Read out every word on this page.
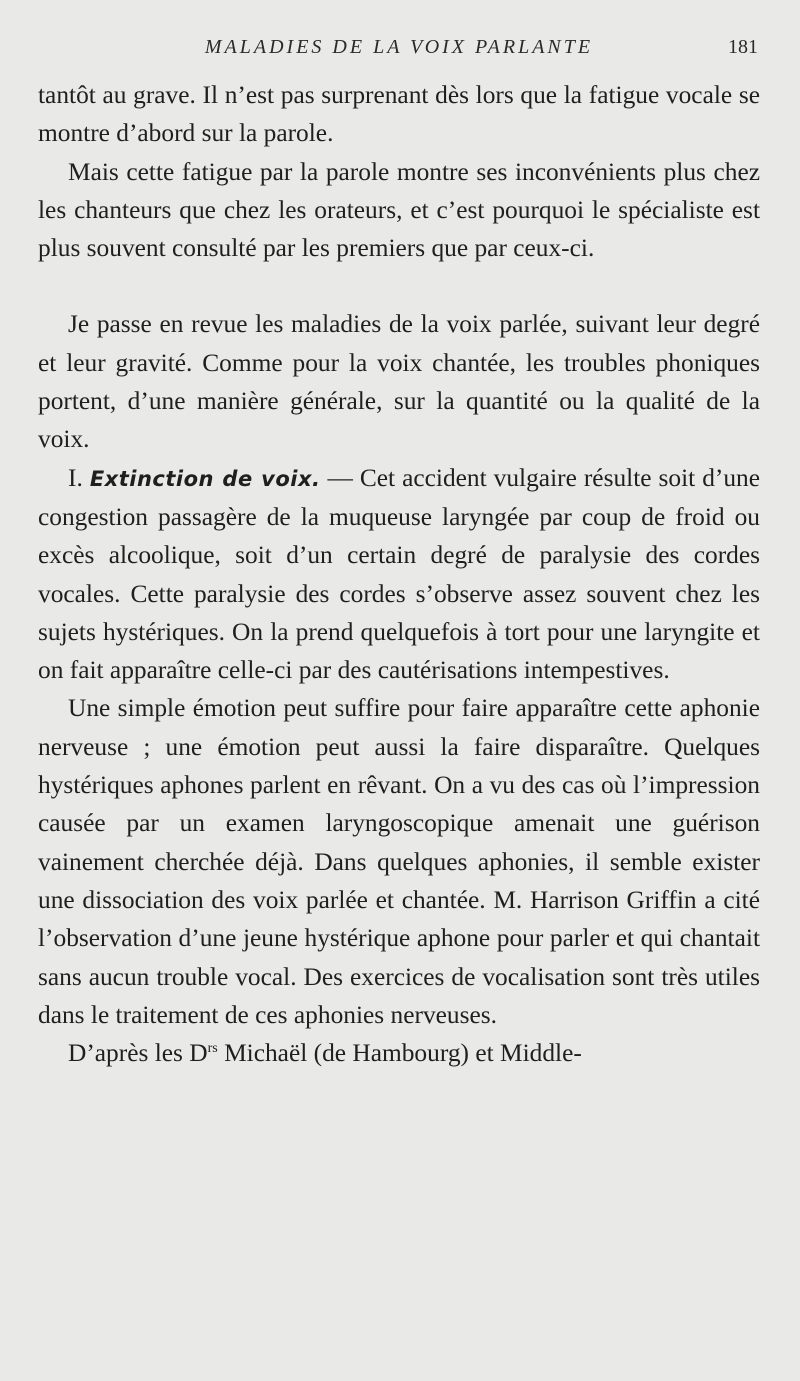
MALADIES DE LA VOIX PARLANTE	181

tantôt au grave. Il n’est pas surprenant dès lors que la fatigue vocale se montre d’abord sur la parole.

Mais cette fatigue par la parole montre ses inconvénients plus chez les chanteurs que chez les orateurs, et c’est pourquoi le spécialiste est plus souvent consulté par les premiers que par ceux-ci.

Je passe en revue les maladies de la voix parlée, suivant leur degré et leur gravité. Comme pour la voix chantée, les troubles phoniques portent, d’une manière générale, sur la quantité ou la qualité de la voix.

I. Extinction de voix. — Cet accident vulgaire résulte soit d’une congestion passagère de la muqueuse laryngée par coup de froid ou excès alcoolique, soit d’un certain degré de paralysie des cordes vocales. Cette paralysie des cordes s’observe assez souvent chez les sujets hystériques. On la prend quelquefois à tort pour une laryngite et on fait apparaître celle-ci par des cautérisations intempestives.

Une simple émotion peut suffire pour faire apparaître cette aphonie nerveuse ; une émotion peut aussi la faire disparaître. Quelques hystériques aphones parlent en rêvant. On a vu des cas où l’impression causée par un examen laryngoscopique amenait une guérison vainement cherchée déjà. Dans quelques aphonies, il semble exister une dissociation des voix parlée et chantée. M. Harrison Griffin a cité l’observation d’une jeune hystérique aphone pour parler et qui chantait sans aucun trouble vocal. Des exercices de vocalisation sont très utiles dans le traitement de ces aphonies nerveuses.

D’après les $D^{rs}$ Michaël (de Hambourg) et Middle-
